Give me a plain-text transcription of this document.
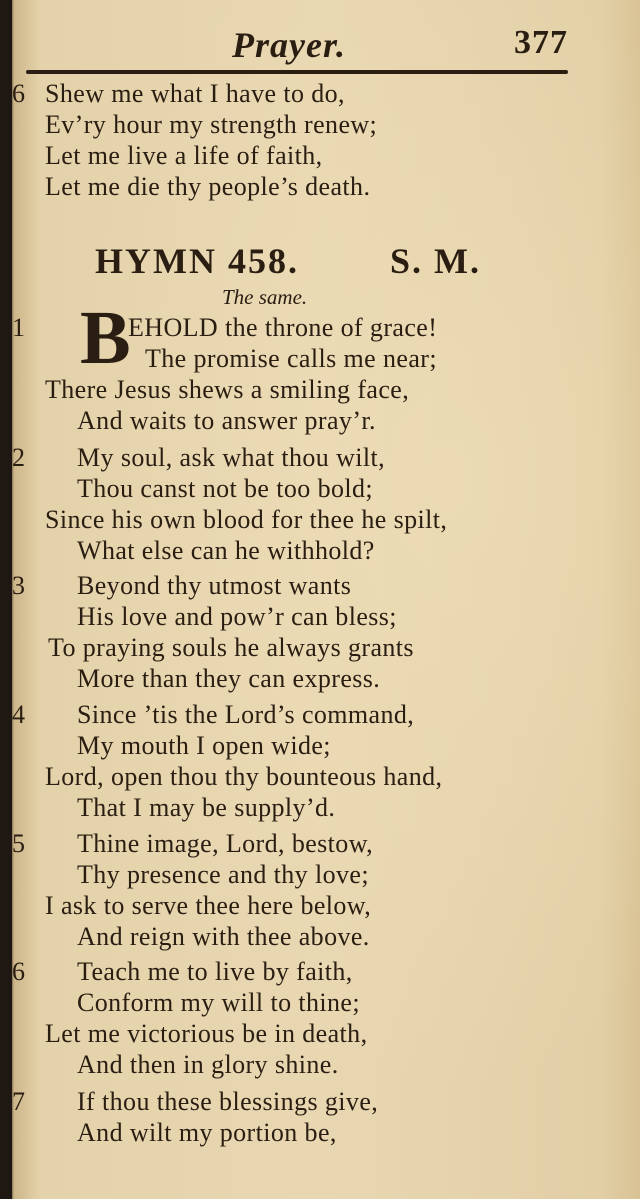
Prayer.	377
6 Shew me what I have to do,
Ev’ry hour my strength renew;
Let me live a life of faith,
Let me die thy people’s death.
HYMN 458.	S. M.
The same.
1 B
EHOLD the throne of grace!
The promise calls me near;
There Jesus shews a smiling face,
And waits to answer pray’r.
2 My soul, ask what thou wilt,
Thou canst not be too bold;
Since his own blood for thee he spilt,
What else can he withhold?
3 Beyond thy utmost wants
His love and pow’r can bless;
To praying souls he always grants
More than they can express.
4 Since ’tis the Lord’s command,
My mouth I open wide;
Lord, open thou thy bounteous hand,
That I may be supply’d.
5 Thine image, Lord, bestow,
Thy presence and thy love;
I ask to serve thee here below,
And reign with thee above.
6 Teach me to live by faith,
Conform my will to thine;
Let me victorious be in death,
And then in glory shine.
7 If thou these blessings give,
And wilt my portion be,
